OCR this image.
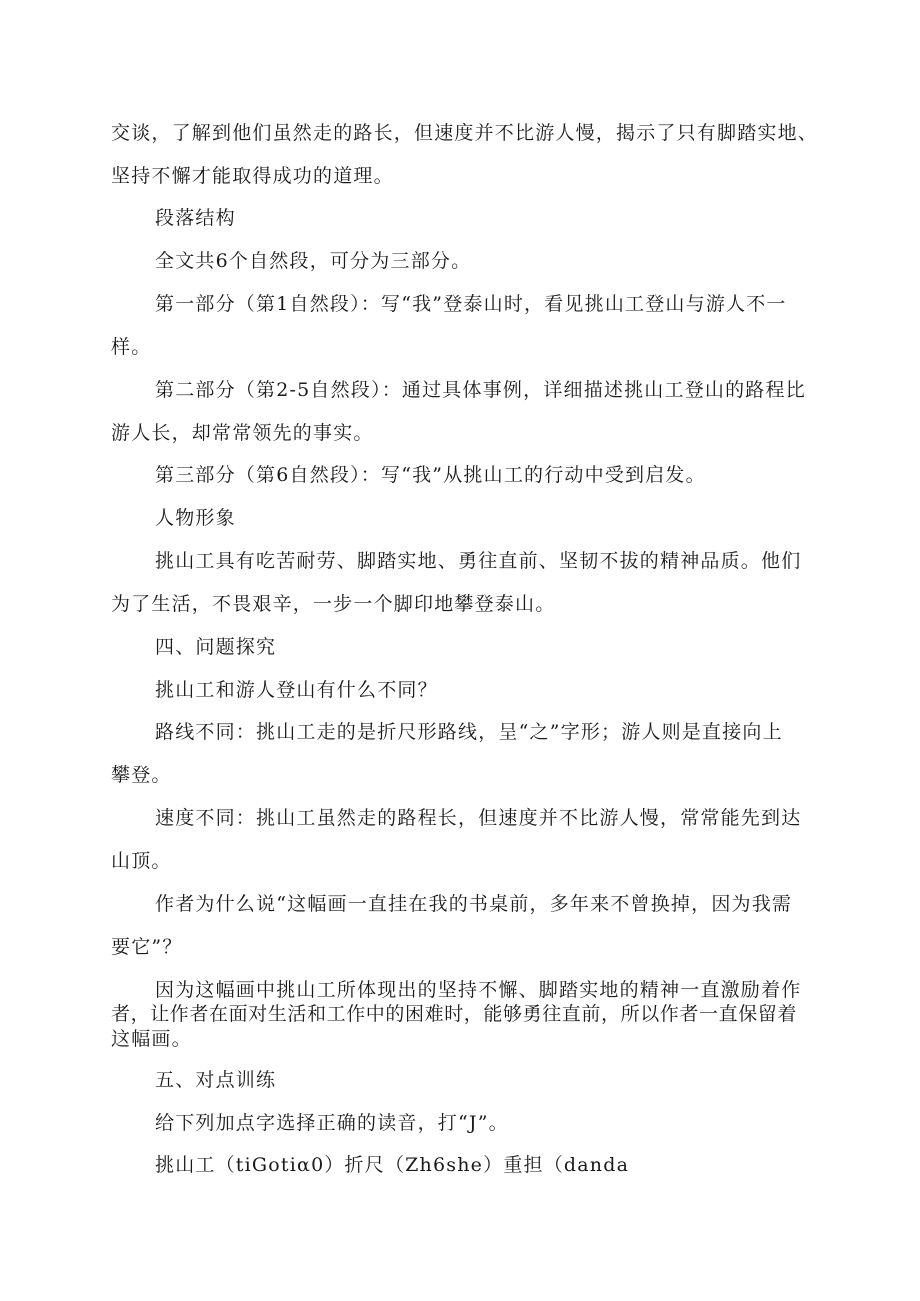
交谈，了解到他们虽然走的路长，但速度并不比游人慢，揭示了只有脚踏实地、
坚持不懈才能取得成功的道理。
段落结构
全文共6个自然段，可分为三部分。
第一部分（第1自然段）：写“我”登泰山时，看见挑山工登山与游人不一
样。
第二部分（第2-5自然段）：通过具体事例，详细描述挑山工登山的路程比
游人长，却常常领先的事实。
第三部分（第6自然段）：写“我”从挑山工的行动中受到启发。
人物形象
挑山工具有吃苦耐劳、脚踏实地、勇往直前、坚韧不拔的精神品质。他们
为了生活，不畏艰辛，一步一个脚印地攀登泰山。
四、问题探究
挑山工和游人登山有什么不同？
路线不同：挑山工走的是折尺形路线，呈“之”字形；游人则是直接向上
攀登。
速度不同：挑山工虽然走的路程长，但速度并不比游人慢，常常能先到达
山顶。
作者为什么说“这幅画一直挂在我的书桌前，多年来不曾换掉，因为我需
要它”？
因为这幅画中挑山工所体现出的坚持不懈、脚踏实地的精神一直激励着作
者，让作者在面对生活和工作中的困难时，能够勇往直前，所以作者一直保留着
这幅画。
五、对点训练
给下列加点字选择正确的读音，打“J”。
挑山工（tiGotiα0）折尺（Zh6she）重担（danda
